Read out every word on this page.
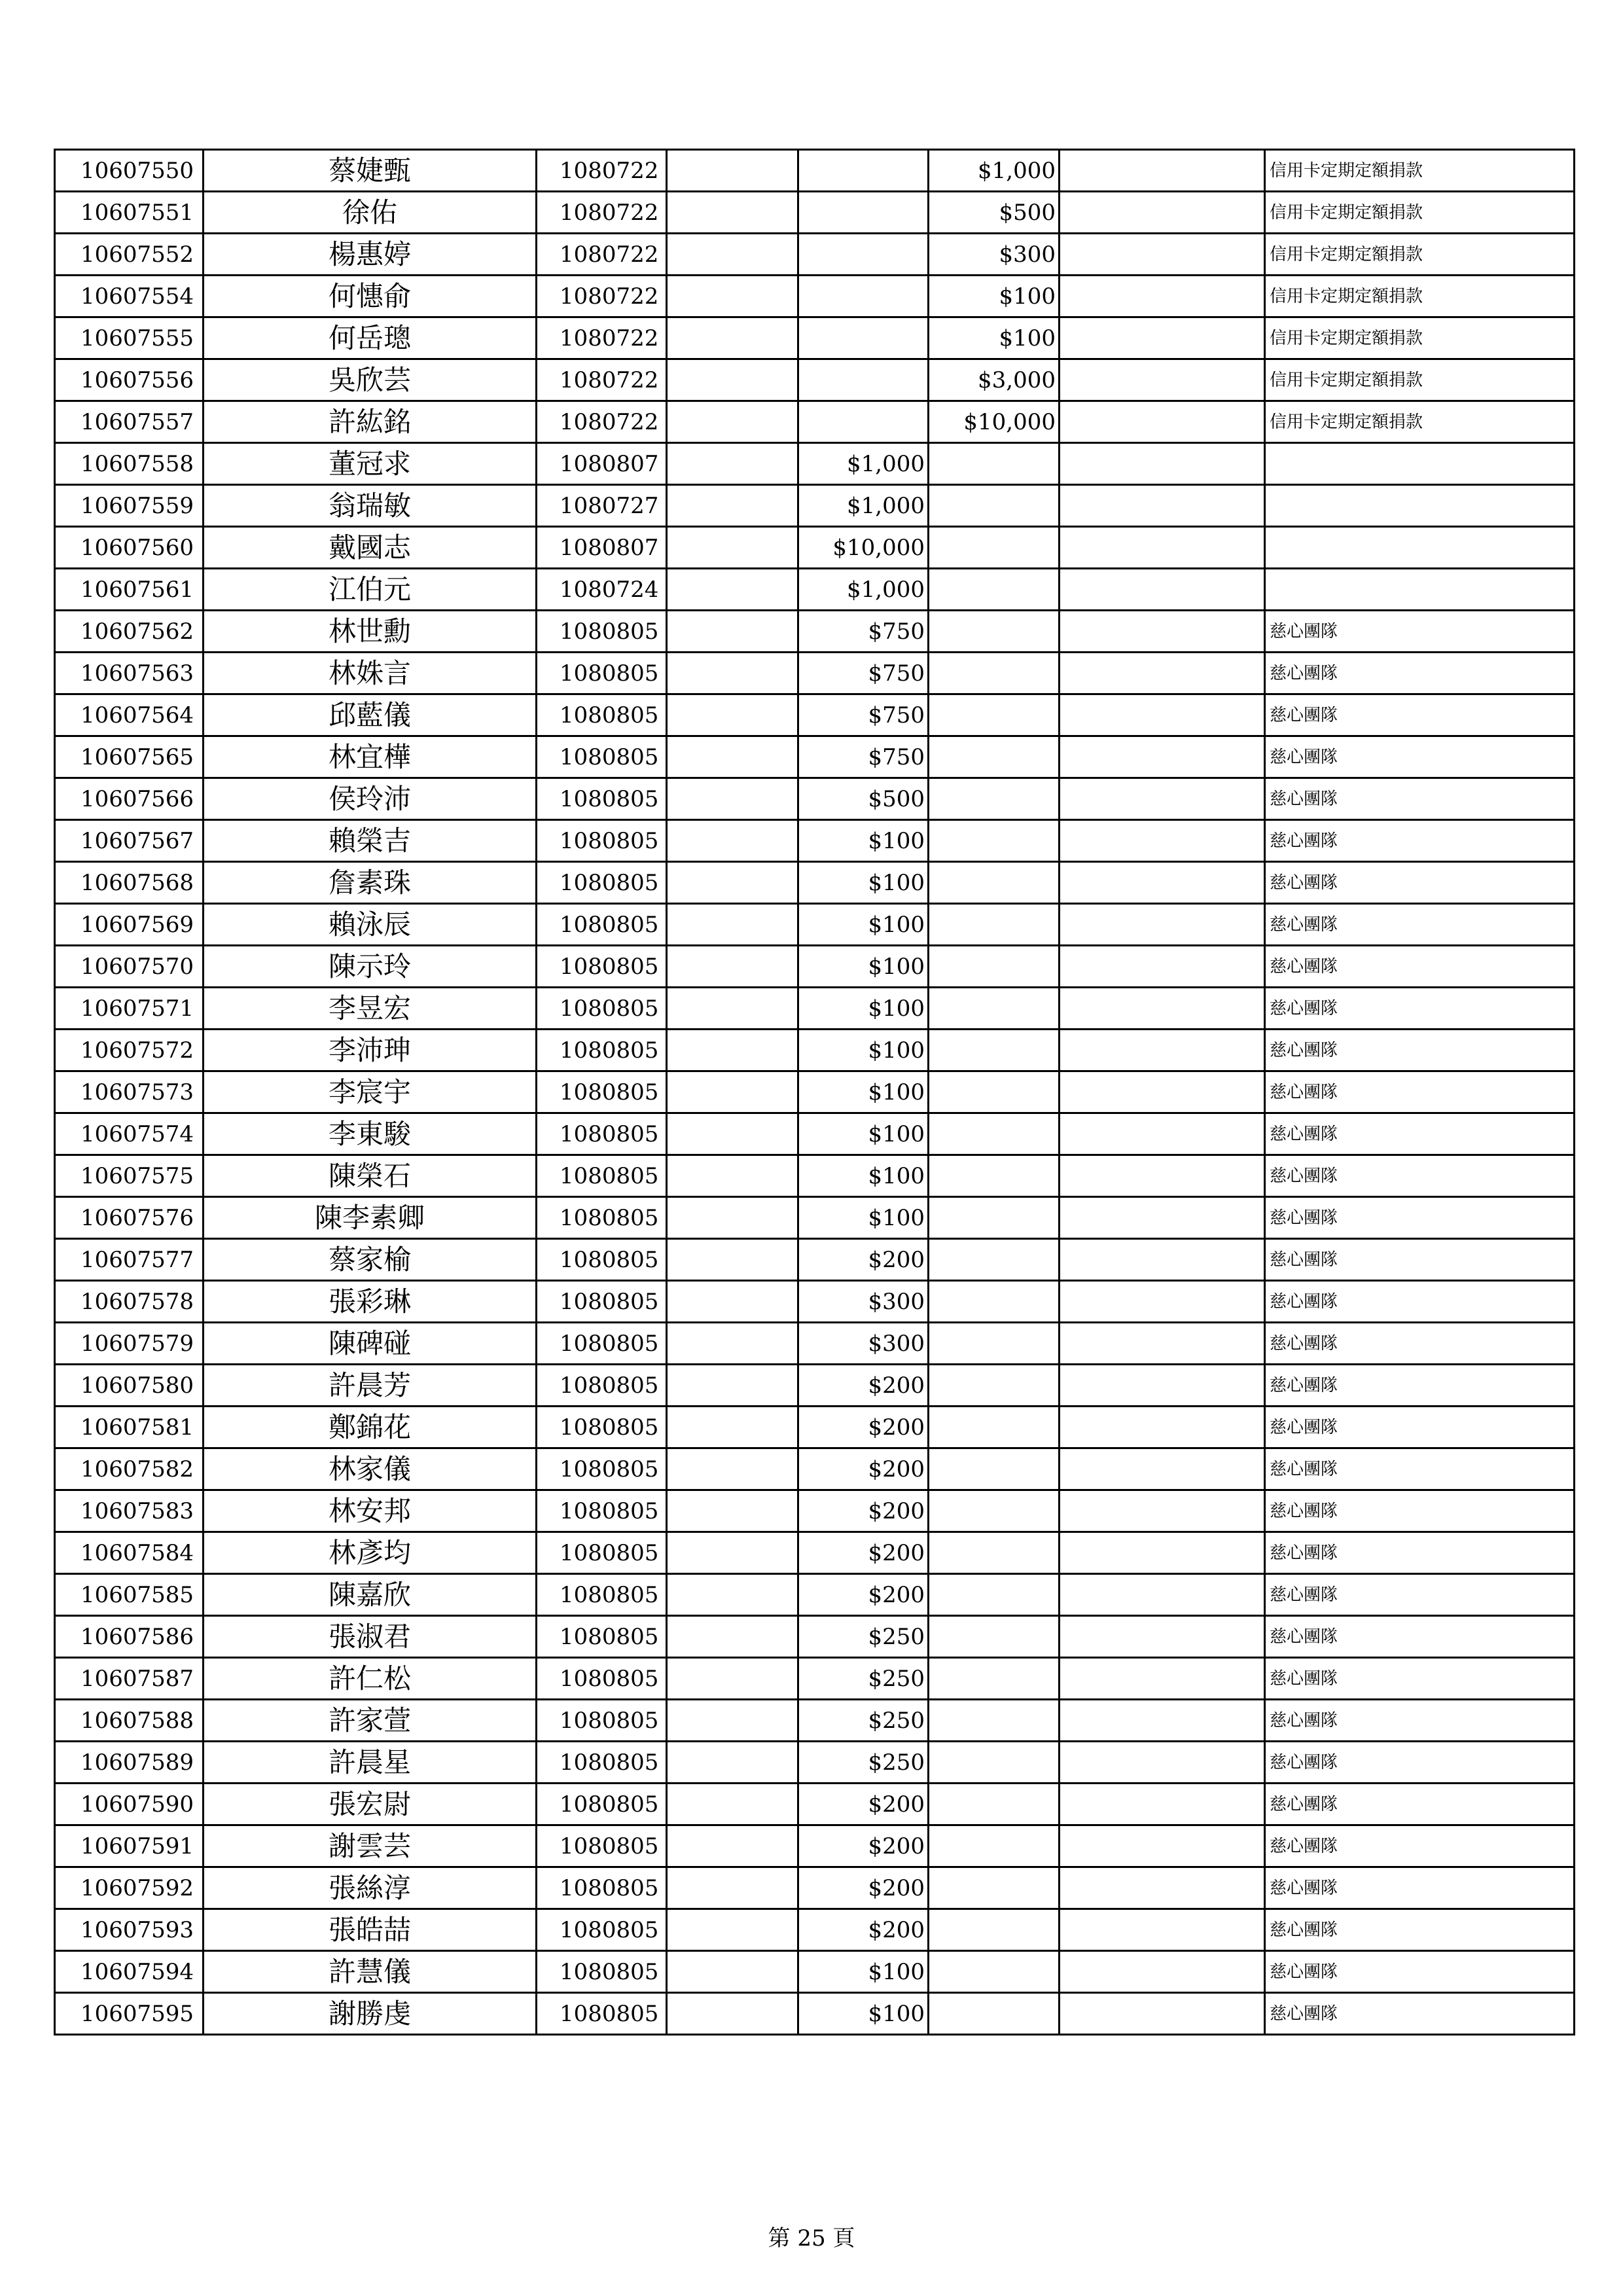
10607550	蔡婕甄	1080722			$1,000		信用卡定期定額捐款
10607551	徐佑	1080722			$500		信用卡定期定額捐款
10607552	楊惠婷	1080722			$300		信用卡定期定額捐款
10607554	何憓俞	1080722			$100		信用卡定期定額捐款
10607555	何岳璁	1080722			$100		信用卡定期定額捐款
10607556	吳欣芸	1080722			$3,000		信用卡定期定額捐款
10607557	許紘銘	1080722			$10,000		信用卡定期定額捐款
10607558	董冠求	1080807		$1,000			
10607559	翁瑞敏	1080727		$1,000			
10607560	戴國志	1080807		$10,000			
10607561	江伯元	1080724		$1,000			
10607562	林世勳	1080805		$750			慈心團隊
10607563	林姝言	1080805		$750			慈心團隊
10607564	邱藍儀	1080805		$750			慈心團隊
10607565	林宜樺	1080805		$750			慈心團隊
10607566	侯玲沛	1080805		$500			慈心團隊
10607567	賴榮吉	1080805		$100			慈心團隊
10607568	詹素珠	1080805		$100			慈心團隊
10607569	賴泳辰	1080805		$100			慈心團隊
10607570	陳示玲	1080805		$100			慈心團隊
10607571	李昱宏	1080805		$100			慈心團隊
10607572	李沛珅	1080805		$100			慈心團隊
10607573	李宸宇	1080805		$100			慈心團隊
10607574	李東駿	1080805		$100			慈心團隊
10607575	陳榮石	1080805		$100			慈心團隊
10607576	陳李素卿	1080805		$100			慈心團隊
10607577	蔡家榆	1080805		$200			慈心團隊
10607578	張彩琳	1080805		$300			慈心團隊
10607579	陳碑碰	1080805		$300			慈心團隊
10607580	許晨芳	1080805		$200			慈心團隊
10607581	鄭錦花	1080805		$200			慈心團隊
10607582	林家儀	1080805		$200			慈心團隊
10607583	林安邦	1080805		$200			慈心團隊
10607584	林彥均	1080805		$200			慈心團隊
10607585	陳嘉欣	1080805		$200			慈心團隊
10607586	張淑君	1080805		$250			慈心團隊
10607587	許仁松	1080805		$250			慈心團隊
10607588	許家萱	1080805		$250			慈心團隊
10607589	許晨星	1080805		$250			慈心團隊
10607590	張宏尉	1080805		$200			慈心團隊
10607591	謝雲芸	1080805		$200			慈心團隊
10607592	張絲淳	1080805		$200			慈心團隊
10607593	張皓喆	1080805		$200			慈心團隊
10607594	許慧儀	1080805		$100			慈心團隊
10607595	謝勝虔	1080805		$100			慈心團隊
第 25 頁
